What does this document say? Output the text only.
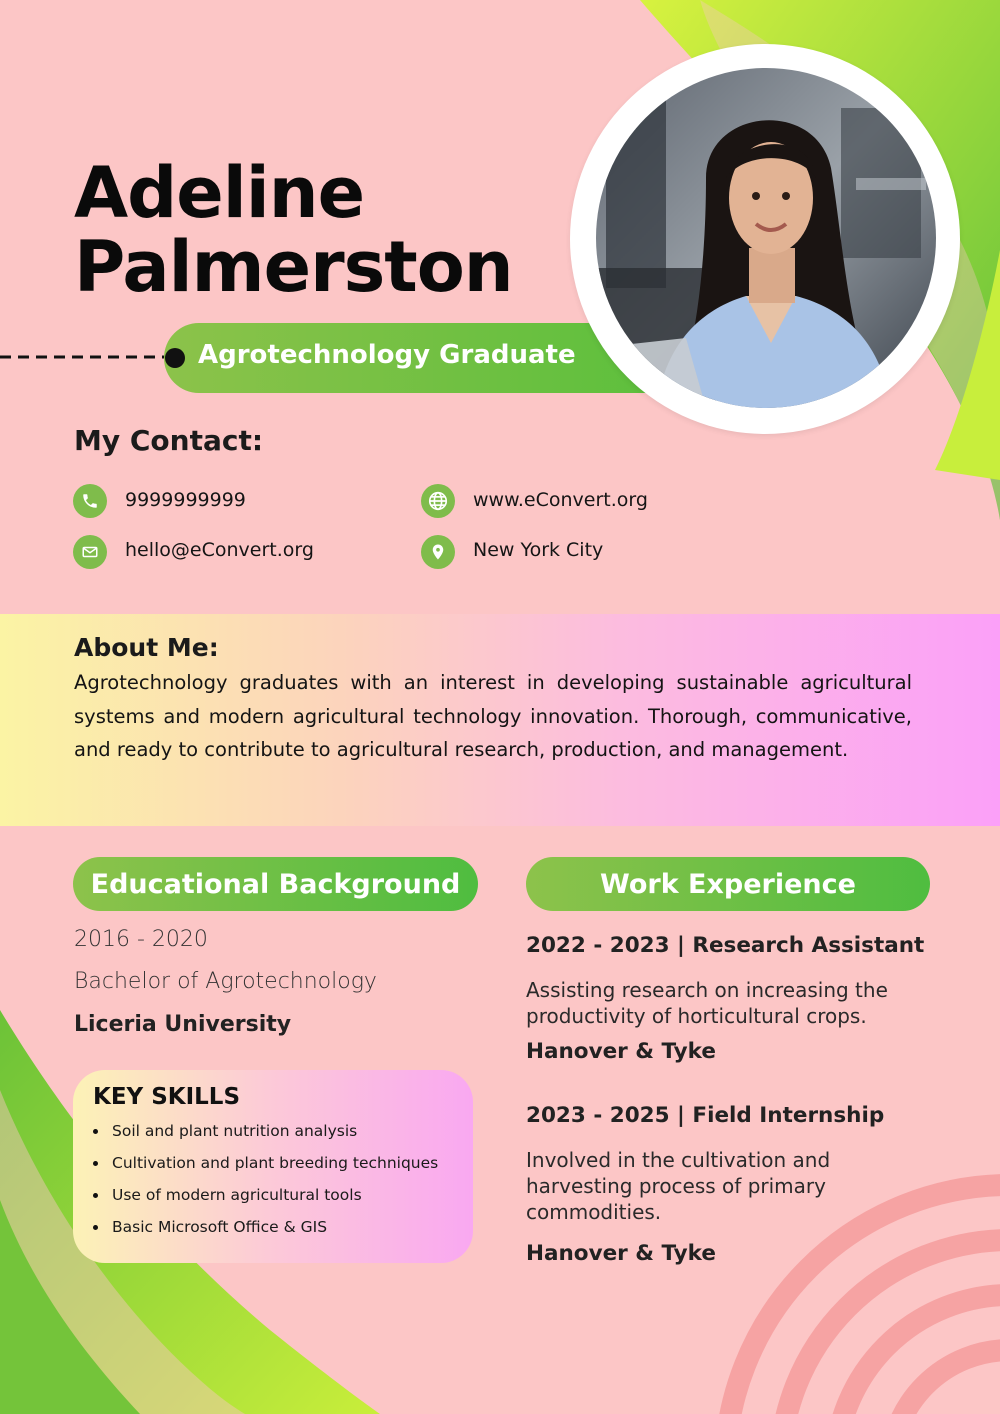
Adeline
Palmerston
Agrotechnology Graduate
My Contact:
9999999999
hello@eConvert.org
www.eConvert.org
New York City
About Me:

Agrotechnology graduates with an interest in developing sustainable agricultural systems and modern agricultural technology innovation. Thorough, communicative, and ready to contribute to agricultural research, production, and management.

Educational Background
2016 - 2020
Bachelor of Agrotechnology
Liceria University
KEY SKILLS
Soil and plant nutrition analysis
Cultivation and plant breeding techniques
Use of modern agricultural tools
Basic Microsoft Office & GIS
Work Experience
2022 - 2023 | Research Assistant

Assisting research on increasing the productivity of horticultural crops.

Hanover & Tyke
2023 - 2025 | Field Internship

Involved in the cultivation and harvesting process of primary commodities.

Hanover & Tyke
